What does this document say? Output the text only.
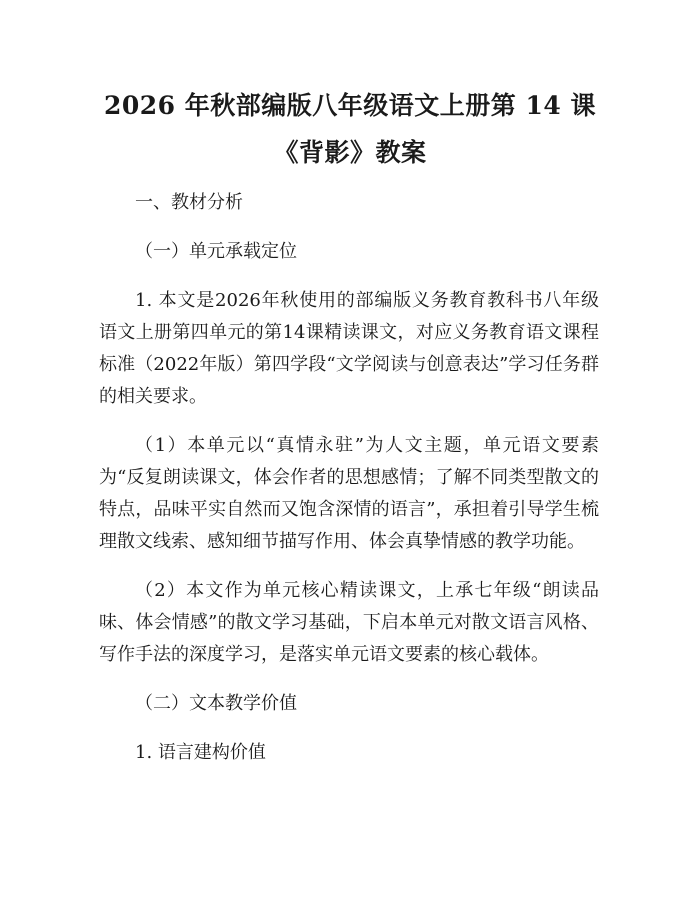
2026 年秋部编版八年级语文上册第 14 课
《背影》教案

一、教材分析

（一）单元承载定位

1. 本文是2026年秋使用的部编版义务教育教科书八年级语文上册第四单元的第14课精读课文，对应义务教育语文课程标准（2022年版）第四学段“文学阅读与创意表达”学习任务群的相关要求。

（1）本单元以“真情永驻”为人文主题，单元语文要素为“反复朗读课文，体会作者的思想感情；了解不同类型散文的特点，品味平实自然而又饱含深情的语言”，承担着引导学生梳理散文线索、感知细节描写作用、体会真挚情感的教学功能。

（2）本文作为单元核心精读课文，上承七年级“朗读品味、体会情感”的散文学习基础，下启本单元对散文语言风格、写作手法的深度学习，是落实单元语文要素的核心载体。

（二）文本教学价值

1. 语言建构价值
